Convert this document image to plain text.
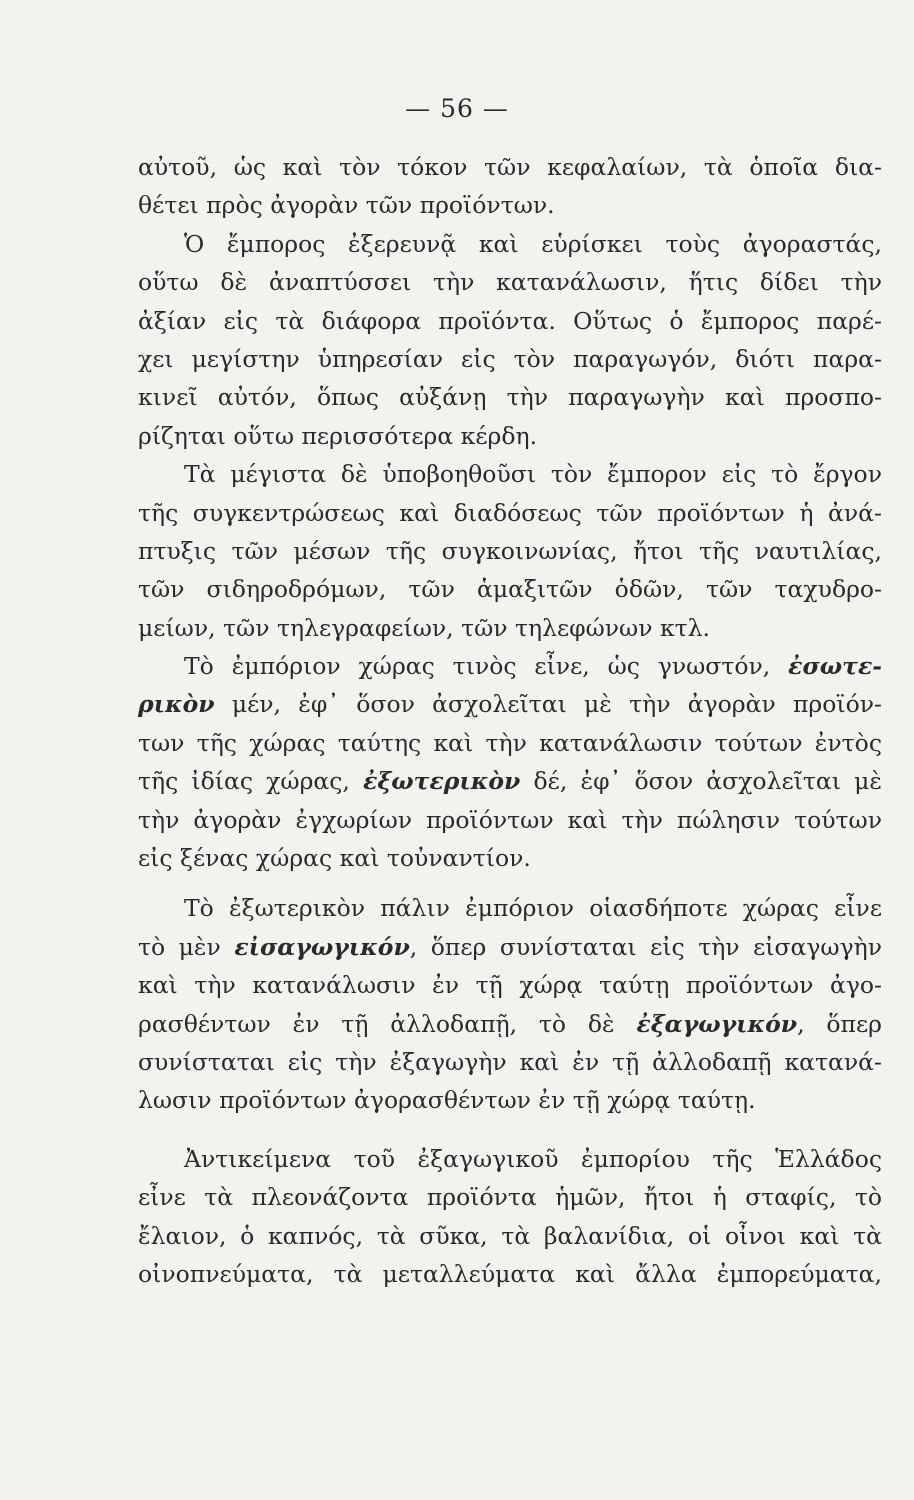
— 56 —
αὐτοῦ, ὡς καὶ τὸν τόκον τῶν κεφαλαίων, τὰ ὁποῖα δια-
θέτει πρὸς ἀγορὰν τῶν προϊόντων.
Ὁ ἔμπορος ἐξερευνᾷ καὶ εὑρίσκει τοὺς ἀγοραστάς,
οὕτω δὲ ἀναπτύσσει τὴν κατανάλωσιν, ἥτις δίδει τὴν
ἀξίαν εἰς τὰ διάφορα προϊόντα. Οὕτως ὁ ἔμπορος παρέ-
χει μεγίστην ὑπηρεσίαν εἰς τὸν παραγωγόν, διότι παρα-
κινεῖ αὐτόν, ὅπως αὐξάνῃ τὴν παραγωγὴν καὶ προσπο-
ρίζηται οὕτω περισσότερα κέρδη.
Τὰ μέγιστα δὲ ὑποβοηθοῦσι τὸν ἔμπορον εἰς τὸ ἔργον
τῆς συγκεντρώσεως καὶ διαδόσεως τῶν προϊόντων ἡ ἀνά-
πτυξις τῶν μέσων τῆς συγκοινωνίας, ἤτοι τῆς ναυτιλίας,
τῶν σιδηροδρόμων, τῶν ἁμαξιτῶν ὁδῶν, τῶν ταχυδρο-
μείων, τῶν τηλεγραφείων, τῶν τηλεφώνων κτλ.
Τὸ ἐμπόριον χώρας τινὸς εἶνε, ὡς γνωστόν, ἐσωτε-
ρικὸν μέν, ἐφ᾽ ὅσον ἀσχολεῖται μὲ τὴν ἀγορὰν προϊόν-
των τῆς χώρας ταύτης καὶ τὴν κατανάλωσιν τούτων ἐντὸς
τῆς ἰδίας χώρας, ἐξωτερικὸν δέ, ἐφ᾽ ὅσον ἀσχολεῖται μὲ
τὴν ἀγορὰν ἐγχωρίων προϊόντων καὶ τὴν πώλησιν τούτων
εἰς ξένας χώρας καὶ τοὐναντίον.
Τὸ ἐξωτερικὸν πάλιν ἐμπόριον οἱασδήποτε χώρας εἶνε
τὸ μὲν εἰσαγωγικόν, ὅπερ συνίσταται εἰς τὴν εἰσαγωγὴν
καὶ τὴν κατανάλωσιν ἐν τῇ χώρᾳ ταύτῃ προϊόντων ἀγο-
ρασθέντων ἐν τῇ ἀλλοδαπῇ, τὸ δὲ ἐξαγωγικόν, ὅπερ
συνίσταται εἰς τὴν ἐξαγωγὴν καὶ ἐν τῇ ἀλλοδαπῇ κατανά-
λωσιν προϊόντων ἀγορασθέντων ἐν τῇ χώρᾳ ταύτῃ.
Ἀντικείμενα τοῦ ἐξαγωγικοῦ ἐμπορίου τῆς Ἑλλάδος
εἶνε τὰ πλεονάζοντα προϊόντα ἡμῶν, ἤτοι ἡ σταφίς, τὸ
ἔλαιον, ὁ καπνός, τὰ σῦκα, τὰ βαλανίδια, οἱ οἶνοι καὶ τὰ
οἰνοπνεύματα, τὰ μεταλλεύματα καὶ ἄλλα ἐμπορεύματα,
